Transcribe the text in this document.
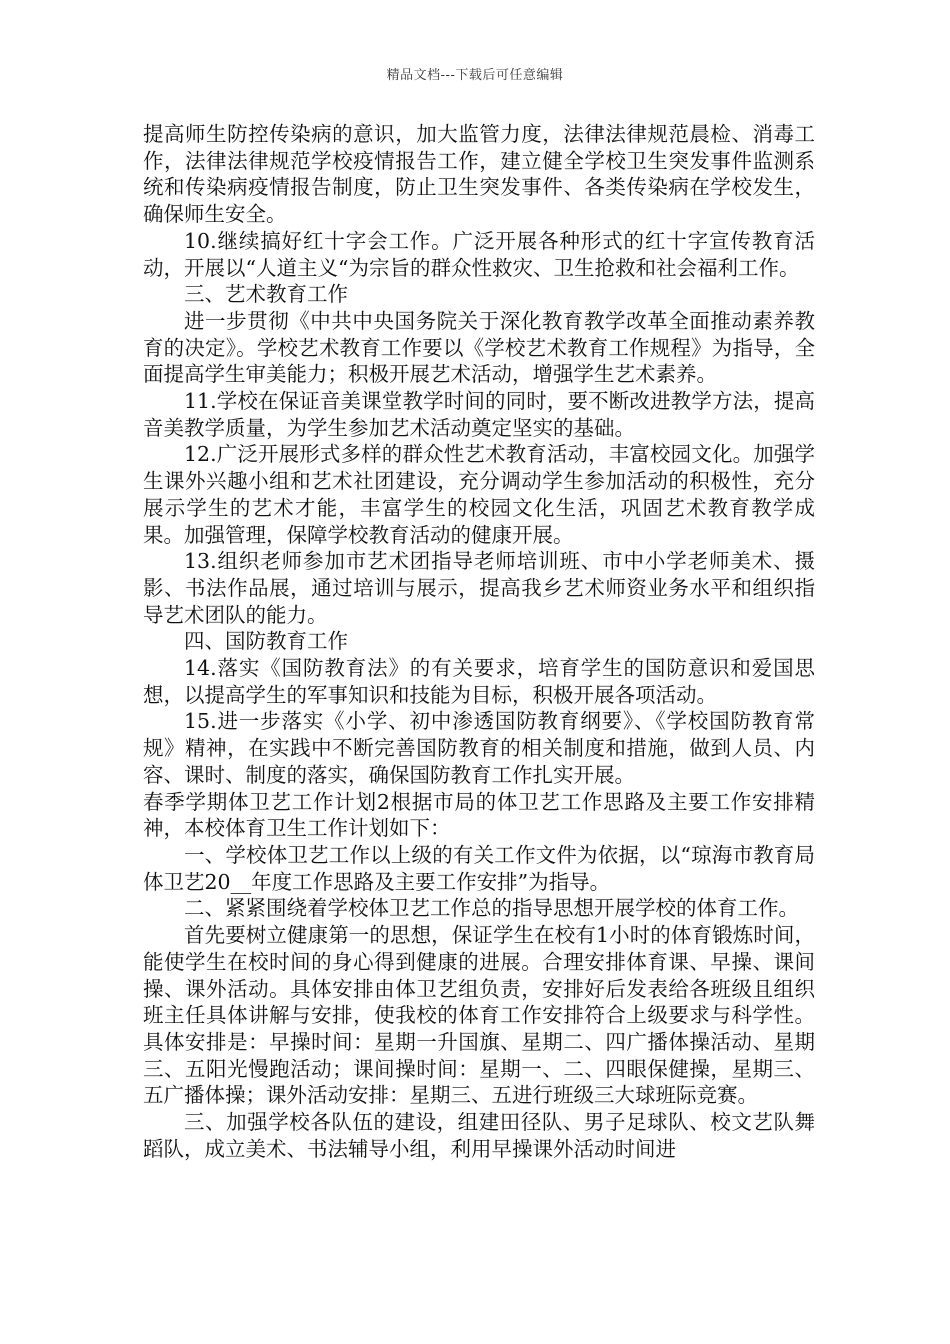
精品文档---下载后可任意编辑

提高师生防控传染病的意识，加大监管力度，法律法律规范晨检、消毒工作，法律法律规范学校疫情报告工作，建立健全学校卫生突发事件监测系统和传染病疫情报告制度，防止卫生突发事件、各类传染病在学校发生，确保师生安全。

10.继续搞好红十字会工作。广泛开展各种形式的红十字宣传教育活动，开展以“人道主义“为宗旨的群众性救灾、卫生抢救和社会福利工作。

三、艺术教育工作

进一步贯彻《中共中央国务院关于深化教育教学改革全面推动素养教育的决定》。学校艺术教育工作要以《学校艺术教育工作规程》为指导，全面提高学生审美能力；积极开展艺术活动，增强学生艺术素养。

11.学校在保证音美课堂教学时间的同时，要不断改进教学方法，提高音美教学质量，为学生参加艺术活动奠定坚实的基础。

12.广泛开展形式多样的群众性艺术教育活动，丰富校园文化。加强学生课外兴趣小组和艺术社团建设，充分调动学生参加活动的积极性，充分展示学生的艺术才能，丰富学生的校园文化生活，巩固艺术教育教学成果。加强管理，保障学校教育活动的健康开展。

13.组织老师参加市艺术团指导老师培训班、市中小学老师美术、摄影、书法作品展，通过培训与展示，提高我乡艺术师资业务水平和组织指导艺术团队的能力。

四、国防教育工作

14.落实《国防教育法》的有关要求，培育学生的国防意识和爱国思想，以提高学生的军事知识和技能为目标，积极开展各项活动。

15.进一步落实《小学、初中渗透国防教育纲要》、《学校国防教育常规》精神，在实践中不断完善国防教育的相关制度和措施，做到人员、内容、课时、制度的落实，确保国防教育工作扎实开展。

春季学期体卫艺工作计划2根据市局的体卫艺工作思路及主要工作安排精神，本校体育卫生工作计划如下：

一、学校体卫艺工作以上级的有关工作文件为依据，以“琼海市教育局体卫艺20__年度工作思路及主要工作安排”为指导。

二、紧紧围绕着学校体卫艺工作总的指导思想开展学校的体育工作。

首先要树立健康第一的思想，保证学生在校有1小时的体育锻炼时间，能使学生在校时间的身心得到健康的进展。合理安排体育课、早操、课间操、课外活动。具体安排由体卫艺组负责，安排好后发表给各班级且组织班主任具体讲解与安排，使我校的体育工作安排符合上级要求与科学性。具体安排是：早操时间：星期一升国旗、星期二、四广播体操活动、星期三、五阳光慢跑活动；课间操时间：星期一、二、四眼保健操，星期三、五广播体操；课外活动安排：星期三、五进行班级三大球班际竞赛。

三、加强学校各队伍的建设，组建田径队、男子足球队、校文艺队舞蹈队，成立美术、书法辅导小组，利用早操课外活动时间进
